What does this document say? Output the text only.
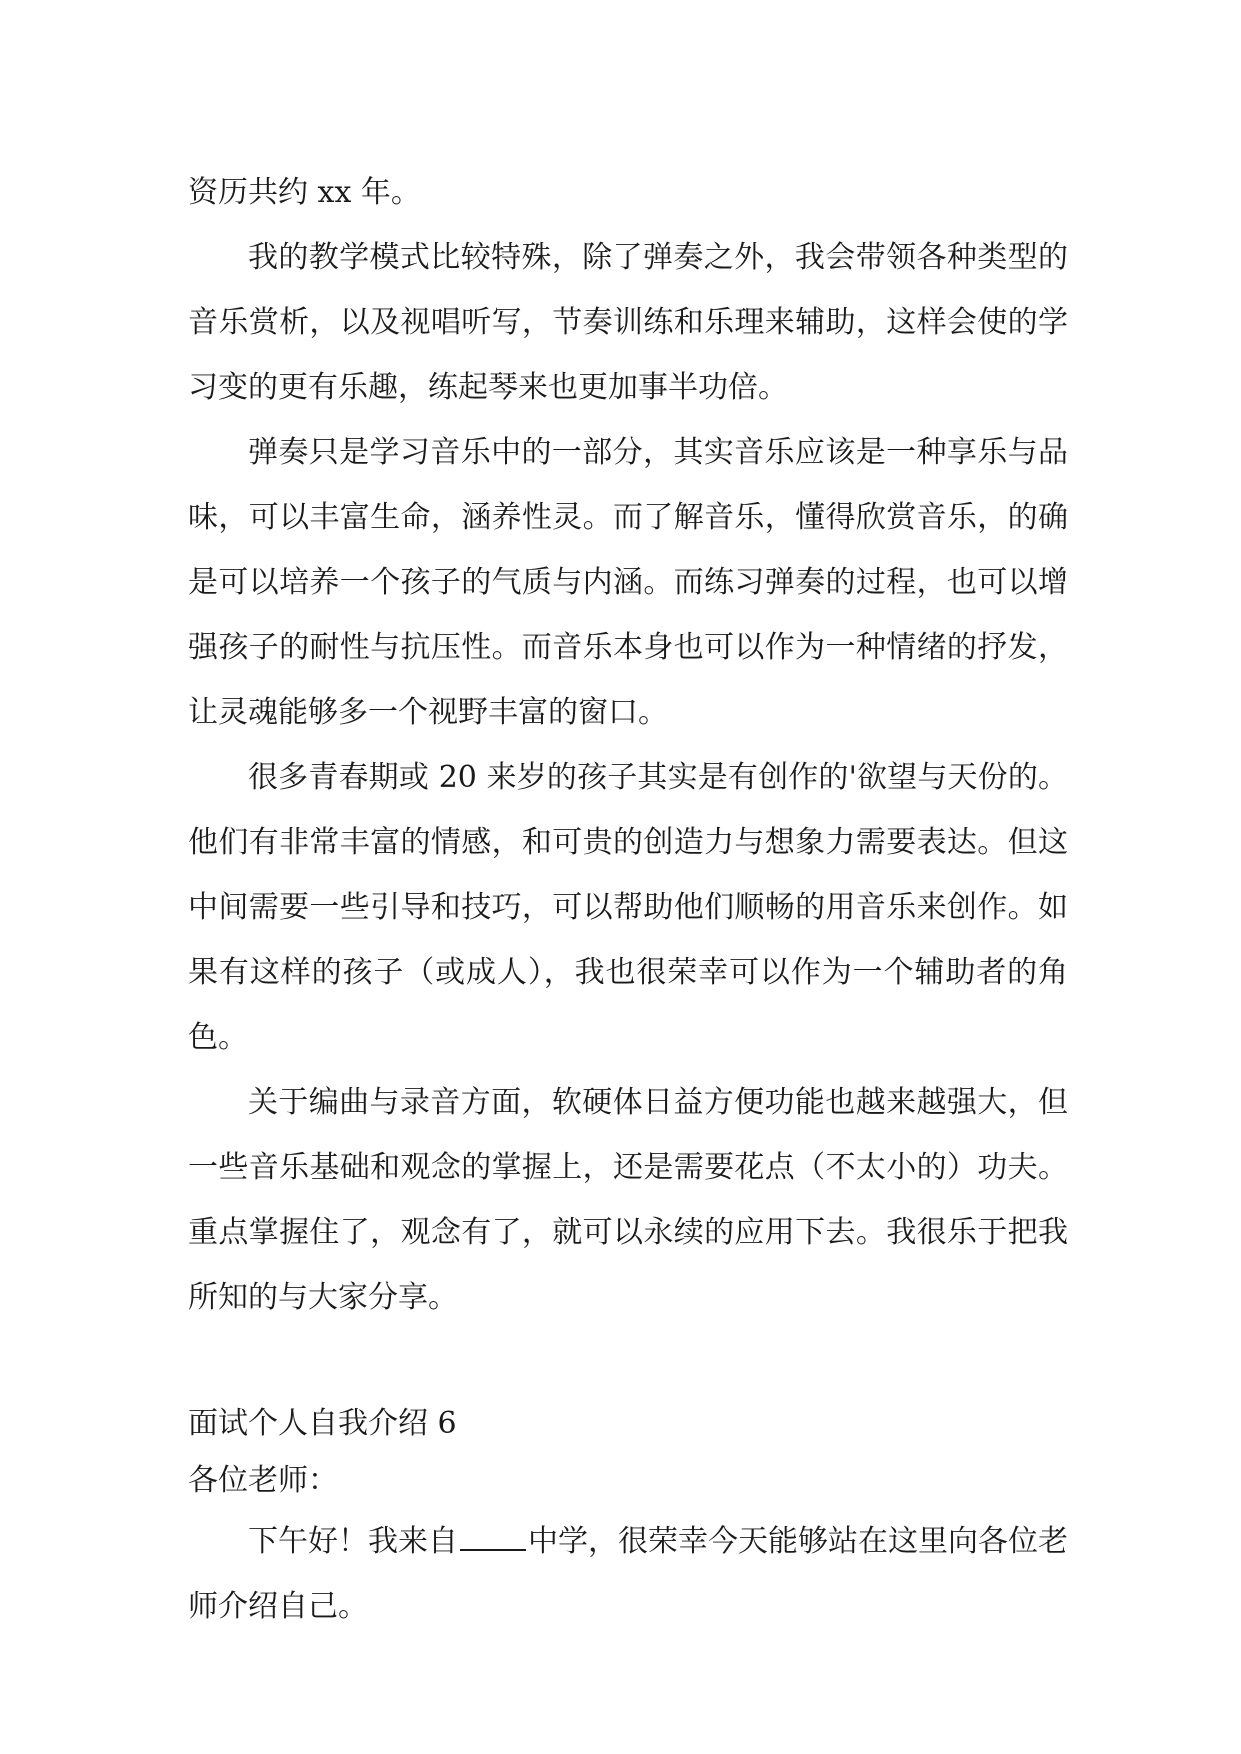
资历共约 xx 年。

我的教学模式比较特殊，除了弹奏之外，我会带领各种类型的音乐赏析，以及视唱听写，节奏训练和乐理来辅助，这样会使的学习变的更有乐趣，练起琴来也更加事半功倍。

弹奏只是学习音乐中的一部分，其实音乐应该是一种享乐与品味，可以丰富生命，涵养性灵。而了解音乐，懂得欣赏音乐，的确是可以培养一个孩子的气质与内涵。而练习弹奏的过程，也可以增强孩子的耐性与抗压性。而音乐本身也可以作为一种情绪的抒发，让灵魂能够多一个视野丰富的窗口。

很多青春期或 20 来岁的孩子其实是有创作的'欲望与天份的。他们有非常丰富的情感，和可贵的创造力与想象力需要表达。但这中间需要一些引导和技巧，可以帮助他们顺畅的用音乐来创作。如果有这样的孩子（或成人），我也很荣幸可以作为一个辅助者的角色。

关于编曲与录音方面，软硬体日益方便功能也越来越强大，但一些音乐基础和观念的掌握上，还是需要花点（不太小的）功夫。重点掌握住了，观念有了，就可以永续的应用下去。我很乐于把我所知的与大家分享。

面试个人自我介绍 6

各位老师：

下午好！我来自 中学，很荣幸今天能够站在这里向各位老师介绍自己。
